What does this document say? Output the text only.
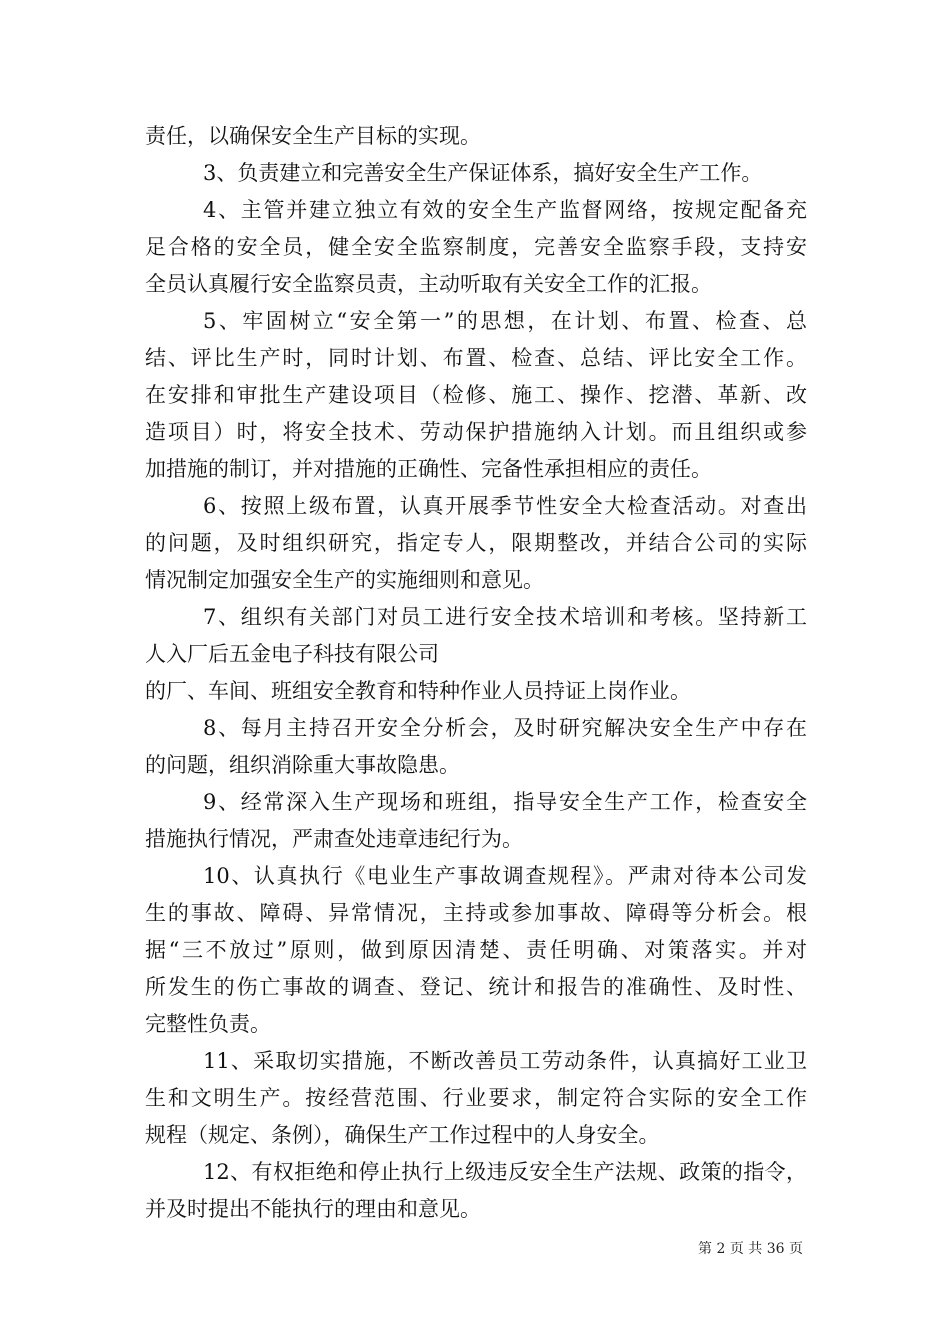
责任，以确保安全生产目标的实现。
3、负责建立和完善安全生产保证体系，搞好安全生产工作。
4、主管并建立独立有效的安全生产监督网络，按规定配备充
足合格的安全员，健全安全监察制度，完善安全监察手段，支持安
全员认真履行安全监察员责，主动听取有关安全工作的汇报。
5、牢固树立“安全第一”的思想，在计划、布置、检查、总
结、评比生产时，同时计划、布置、检查、总结、评比安全工作。
在安排和审批生产建设项目（检修、施工、操作、挖潜、革新、改
造项目）时，将安全技术、劳动保护措施纳入计划。而且组织或参
加措施的制订，并对措施的正确性、完备性承担相应的责任。
6、按照上级布置，认真开展季节性安全大检查活动。对查出
的问题，及时组织研究，指定专人，限期整改，并结合公司的实际
情况制定加强安全生产的实施细则和意见。
7、组织有关部门对员工进行安全技术培训和考核。坚持新工
人入厂后五金电子科技有限公司
的厂、车间、班组安全教育和特种作业人员持证上岗作业。
8、每月主持召开安全分析会，及时研究解决安全生产中存在
的问题，组织消除重大事故隐患。
9、经常深入生产现场和班组，指导安全生产工作，检查安全
措施执行情况，严肃查处违章违纪行为。
10、认真执行《电业生产事故调查规程》。严肃对待本公司发
生的事故、障碍、异常情况，主持或参加事故、障碍等分析会。根
据“三不放过”原则，做到原因清楚、责任明确、对策落实。并对
所发生的伤亡事故的调查、登记、统计和报告的准确性、及时性、
完整性负责。
11、采取切实措施，不断改善员工劳动条件，认真搞好工业卫
生和文明生产。按经营范围、行业要求，制定符合实际的安全工作
规程（规定、条例），确保生产工作过程中的人身安全。
12、有权拒绝和停止执行上级违反安全生产法规、政策的指令，
并及时提出不能执行的理由和意见。
第 2 页 共 36 页
